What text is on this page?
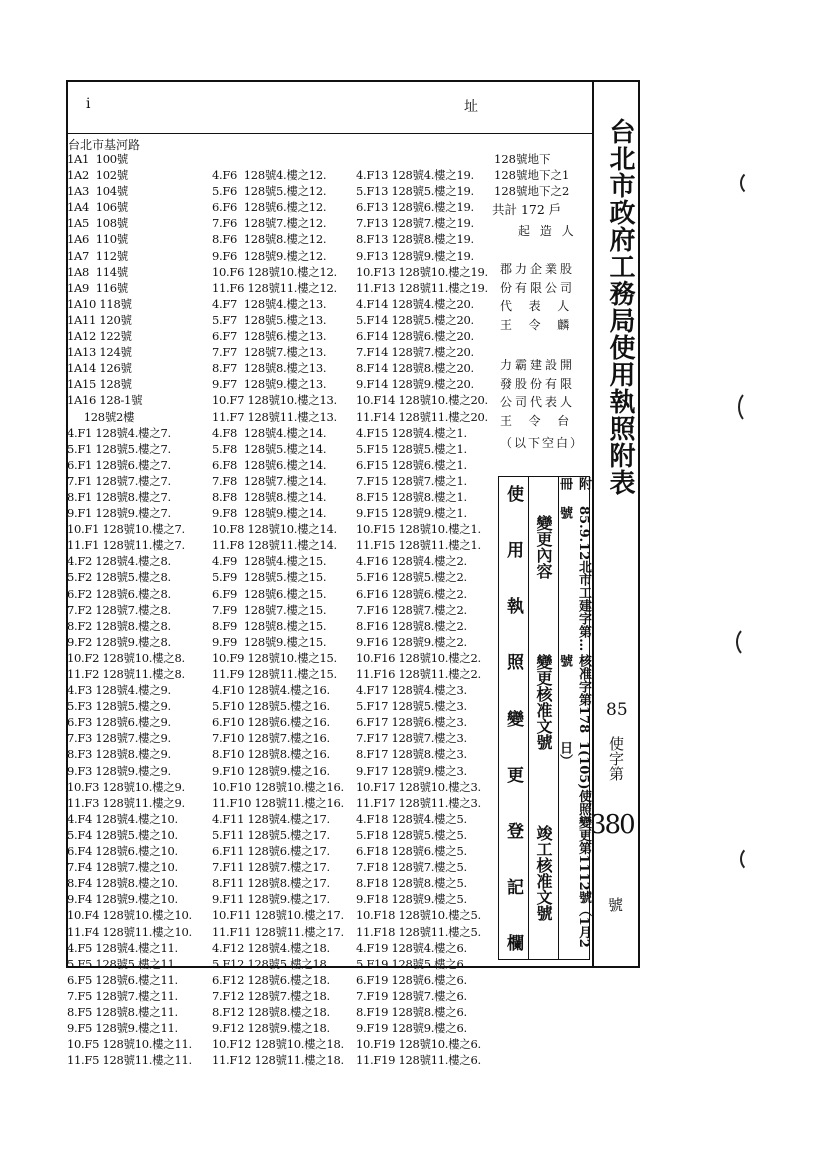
i	址
台北市政府工務局使用執照附表
85
使字第
380
號
台北市基河路
1A1  100號
1A2  102號
1A3  104號
1A4  106號
1A5  108號
1A6  110號
1A7  112號
1A8  114號
1A9  116號
1A10 118號
1A11 120號
1A12 122號
1A13 124號
1A14 126號
1A15 128號
1A16 128-1號
128號2樓
4.F1 128號4.樓之7.
5.F1 128號5.樓之7.
6.F1 128號6.樓之7.
7.F1 128號7.樓之7.
8.F1 128號8.樓之7.
9.F1 128號9.樓之7.
10.F1 128號10.樓之7.
11.F1 128號11.樓之7.
4.F2 128號4.樓之8.
5.F2 128號5.樓之8.
6.F2 128號6.樓之8.
7.F2 128號7.樓之8.
8.F2 128號8.樓之8.
9.F2 128號9.樓之8.
10.F2 128號10.樓之8.
11.F2 128號11.樓之8.
4.F3 128號4.樓之9.
5.F3 128號5.樓之9.
6.F3 128號6.樓之9.
7.F3 128號7.樓之9.
8.F3 128號8.樓之9.
9.F3 128號9.樓之9.
10.F3 128號10.樓之9.
11.F3 128號11.樓之9.
4.F4 128號4.樓之10.
5.F4 128號5.樓之10.
6.F4 128號6.樓之10.
7.F4 128號7.樓之10.
8.F4 128號8.樓之10.
9.F4 128號9.樓之10.
10.F4 128號10.樓之10.
11.F4 128號11.樓之10.
4.F5 128號4.樓之11.
5.F5 128號5.樓之11.
6.F5 128號6.樓之11.
7.F5 128號7.樓之11.
8.F5 128號8.樓之11.
9.F5 128號9.樓之11.
10.F5 128號10.樓之11.
11.F5 128號11.樓之11.

4.F6  128號4.樓之12.
5.F6  128號5.樓之12.
6.F6  128號6.樓之12.
7.F6  128號7.樓之12.
8.F6  128號8.樓之12.
9.F6  128號9.樓之12.
10.F6 128號10.樓之12.
11.F6 128號11.樓之12.
4.F7  128號4.樓之13.
5.F7  128號5.樓之13.
6.F7  128號6.樓之13.
7.F7  128號7.樓之13.
8.F7  128號8.樓之13.
9.F7  128號9.樓之13.
10.F7 128號10.樓之13.
11.F7 128號11.樓之13.
4.F8  128號4.樓之14.
5.F8  128號5.樓之14.
6.F8  128號6.樓之14.
7.F8  128號7.樓之14.
8.F8  128號8.樓之14.
9.F8  128號9.樓之14.
10.F8 128號10.樓之14.
11.F8 128號11.樓之14.
4.F9  128號4.樓之15.
5.F9  128號5.樓之15.
6.F9  128號6.樓之15.
7.F9  128號7.樓之15.
8.F9  128號8.樓之15.
9.F9  128號9.樓之15.
10.F9 128號10.樓之15.
11.F9 128號11.樓之15.
4.F10 128號4.樓之16.
5.F10 128號5.樓之16.
6.F10 128號6.樓之16.
7.F10 128號7.樓之16.
8.F10 128號8.樓之16.
9.F10 128號9.樓之16.
10.F10 128號10.樓之16.
11.F10 128號11.樓之16.
4.F11 128號4.樓之17.
5.F11 128號5.樓之17.
6.F11 128號6.樓之17.
7.F11 128號7.樓之17.
8.F11 128號8.樓之17.
9.F11 128號9.樓之17.
10.F11 128號10.樓之17.
11.F11 128號11.樓之17.
4.F12 128號4.樓之18.
5.F12 128號5.樓之18.
6.F12 128號6.樓之18.
7.F12 128號7.樓之18.
8.F12 128號8.樓之18.
9.F12 128號9.樓之18.
10.F12 128號10.樓之18.
11.F12 128號11.樓之18.

4.F13 128號4.樓之19.
5.F13 128號5.樓之19.
6.F13 128號6.樓之19.
7.F13 128號7.樓之19.
8.F13 128號8.樓之19.
9.F13 128號9.樓之19.
10.F13 128號10.樓之19.
11.F13 128號11.樓之19.
4.F14 128號4.樓之20.
5.F14 128號5.樓之20.
6.F14 128號6.樓之20.
7.F14 128號7.樓之20.
8.F14 128號8.樓之20.
9.F14 128號9.樓之20.
10.F14 128號10.樓之20.
11.F14 128號11.樓之20.
4.F15 128號4.樓之1.
5.F15 128號5.樓之1.
6.F15 128號6.樓之1.
7.F15 128號7.樓之1.
8.F15 128號8.樓之1.
9.F15 128號9.樓之1.
10.F15 128號10.樓之1.
11.F15 128號11.樓之1.
4.F16 128號4.樓之2.
5.F16 128號5.樓之2.
6.F16 128號6.樓之2.
7.F16 128號7.樓之2.
8.F16 128號8.樓之2.
9.F16 128號9.樓之2.
10.F16 128號10.樓之2.
11.F16 128號11.樓之2.
4.F17 128號4.樓之3.
5.F17 128號5.樓之3.
6.F17 128號6.樓之3.
7.F17 128號7.樓之3.
8.F17 128號8.樓之3.
9.F17 128號9.樓之3.
10.F17 128號10.樓之3.
11.F17 128號11.樓之3.
4.F18 128號4.樓之5.
5.F18 128號5.樓之5.
6.F18 128號6.樓之5.
7.F18 128號7.樓之5.
8.F18 128號8.樓之5.
9.F18 128號9.樓之5.
10.F18 128號10.樓之5.
11.F18 128號11.樓之5.
4.F19 128號4.樓之6.
5.F19 128號5.樓之6.
6.F19 128號6.樓之6.
7.F19 128號7.樓之6.
8.F19 128號8.樓之6.
9.F19 128號9.樓之6.
10.F19 128號10.樓之6.
11.F19 128號11.樓之6.
128號地下
128號地下之1
128號地下之2
共計 172 戶
起 造 人
郡力企業股
份有限公司
代  表  人
王  令  麟
力霸建設開
發股份有限
公司代表人
王  令  台
（以下空白）
使
用
執
照
變
更
登
記
欄
變更內容
變更核准文號
竣工核准文號
附 冊
85.9.12北市工建字第…號
核准字第178號
1(105)使照變更第1112號（1月2日）
